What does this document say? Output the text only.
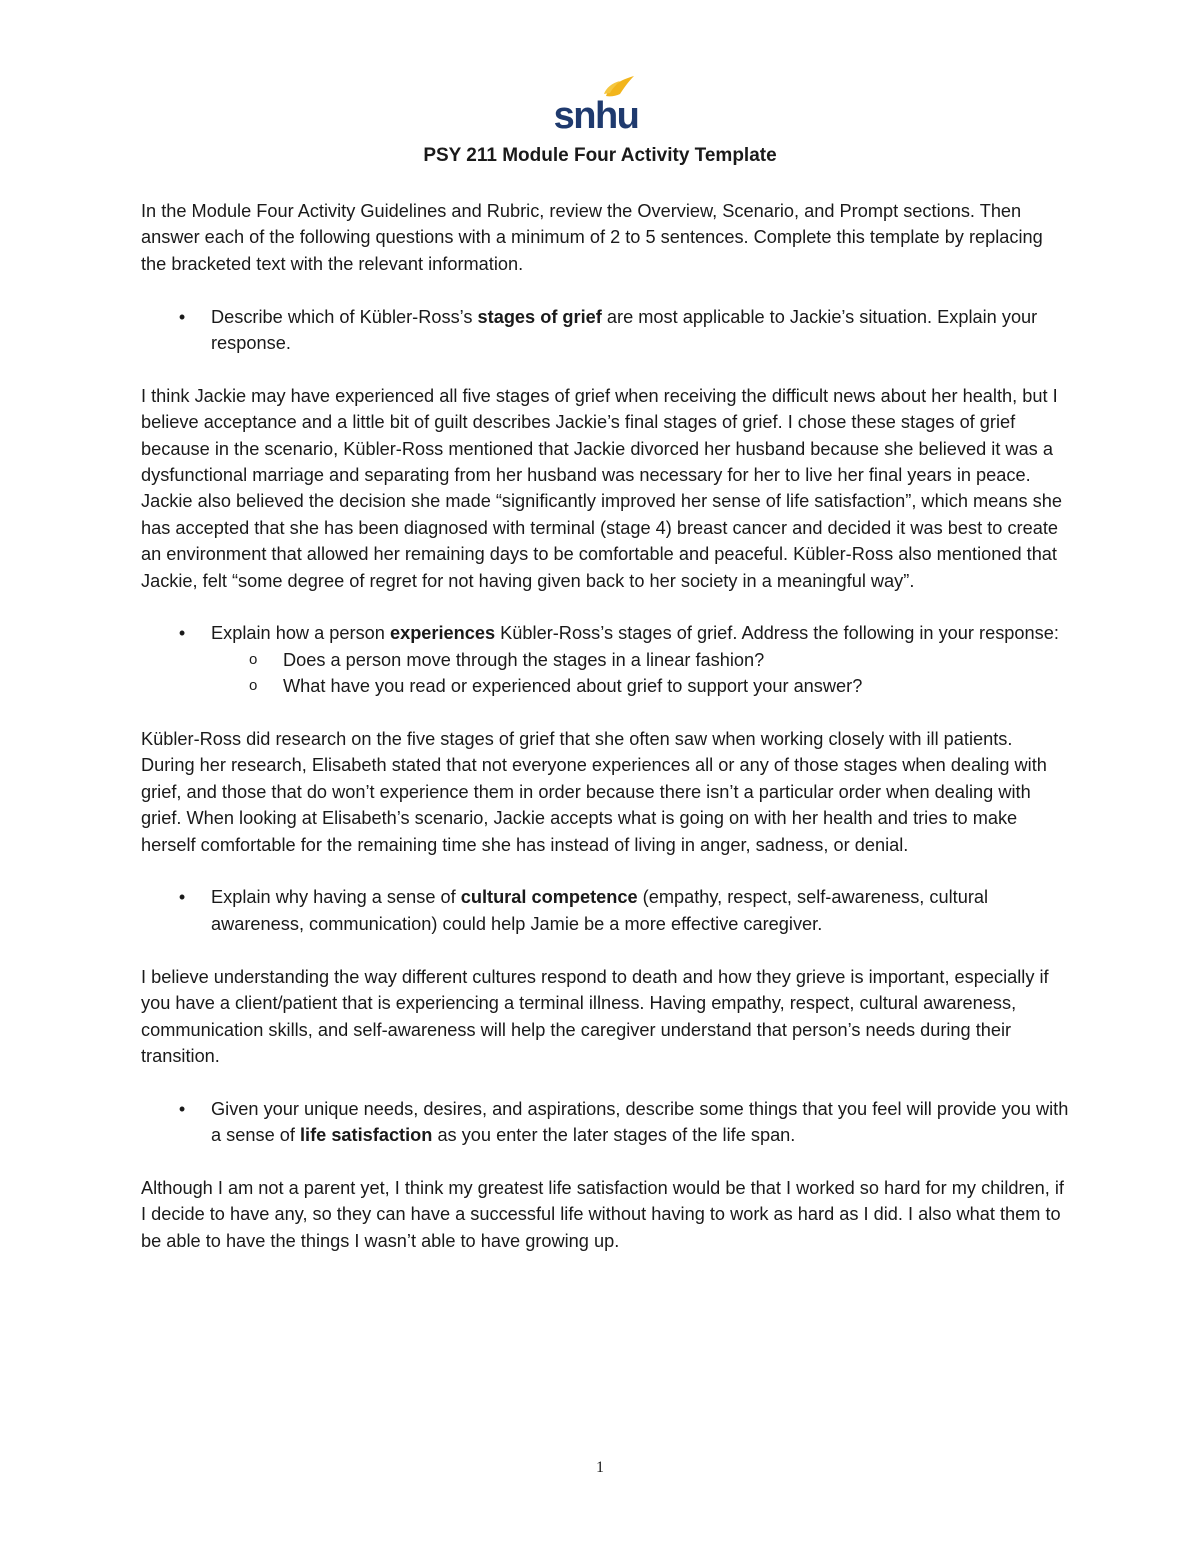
snhu
PSY 211 Module Four Activity Template

In the Module Four Activity Guidelines and Rubric, review the Overview, Scenario, and Prompt sections. Then answer each of the following questions with a minimum of 2 to 5 sentences. Complete this template by replacing the bracketed text with the relevant information.

• Describe which of Kübler-Ross’s stages of grief are most applicable to Jackie’s situation. Explain your response.

I think Jackie may have experienced all five stages of grief when receiving the difficult news about her health, but I believe acceptance and a little bit of guilt describes Jackie’s final stages of grief. I chose these stages of grief because in the scenario, Kübler-Ross mentioned that Jackie divorced her husband because she believed it was a dysfunctional marriage and separating from her husband was necessary for her to live her final years in peace. Jackie also believed the decision she made “significantly improved her sense of life satisfaction”, which means she has accepted that she has been diagnosed with terminal (stage 4) breast cancer and decided it was best to create an environment that allowed her remaining days to be comfortable and peaceful. Kübler-Ross also mentioned that Jackie, felt “some degree of regret for not having given back to her society in a meaningful way”.

• Explain how a person experiences Kübler-Ross’s stages of grief. Address the following in your response:
o Does a person move through the stages in a linear fashion?
o What have you read or experienced about grief to support your answer?

Kübler-Ross did research on the five stages of grief that she often saw when working closely with ill patients. During her research, Elisabeth stated that not everyone experiences all or any of those stages when dealing with grief, and those that do won’t experience them in order because there isn’t a particular order when dealing with grief. When looking at Elisabeth’s scenario, Jackie accepts what is going on with her health and tries to make herself comfortable for the remaining time she has instead of living in anger, sadness, or denial.

• Explain why having a sense of cultural competence (empathy, respect, self-awareness, cultural awareness, communication) could help Jamie be a more effective caregiver.

I believe understanding the way different cultures respond to death and how they grieve is important, especially if you have a client/patient that is experiencing a terminal illness. Having empathy, respect, cultural awareness, communication skills, and self-awareness will help the caregiver understand that person’s needs during their transition.

• Given your unique needs, desires, and aspirations, describe some things that you feel will provide you with a sense of life satisfaction as you enter the later stages of the life span.

Although I am not a parent yet, I think my greatest life satisfaction would be that I worked so hard for my children, if I decide to have any, so they can have a successful life without having to work as hard as I did. I also what them to be able to have the things I wasn’t able to have growing up.

1
